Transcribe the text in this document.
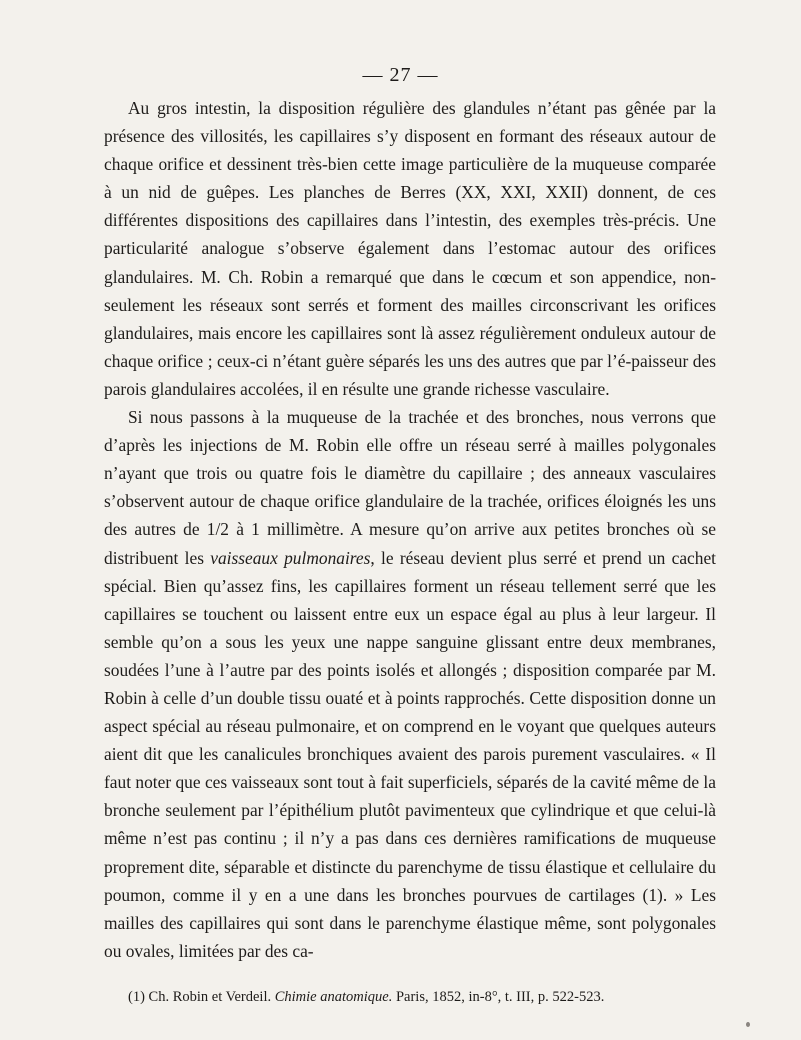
— 27 —

Au gros intestin, la disposition régulière des glandules n’étant pas gênée par la présence des villosités, les capillaires s’y disposent en formant des réseaux autour de chaque orifice et dessinent très-bien cette image particulière de la muqueuse comparée à un nid de guêpes. Les planches de Berres (XX, XXI, XXII) donnent, de ces différentes dispositions des capillaires dans l’intestin, des exemples très-précis. Une particularité analogue s’observe également dans l’estomac autour des orifices glandulaires. M. Ch. Robin a remarqué que dans le cœcum et son appendice, non-seulement les réseaux sont serrés et forment des mailles circonscrivant les orifices glandulaires, mais encore les capillaires sont là assez régulièrement onduleux autour de chaque orifice ; ceux-ci n’étant guère séparés les uns des autres que par l’é-paisseur des parois glandulaires accolées, il en résulte une grande richesse vasculaire.

Si nous passons à la muqueuse de la trachée et des bronches, nous verrons que d’après les injections de M. Robin elle offre un réseau serré à mailles polygonales n’ayant que trois ou quatre fois le diamètre du capillaire ; des anneaux vasculaires s’observent autour de chaque orifice glandulaire de la trachée, orifices éloignés les uns des autres de 1/2 à 1 millimètre. A mesure qu’on arrive aux petites bronches où se distribuent les vaisseaux pulmonaires, le réseau devient plus serré et prend un cachet spécial. Bien qu’assez fins, les capillaires forment un réseau tellement serré que les capillaires se touchent ou laissent entre eux un espace égal au plus à leur largeur. Il semble qu’on a sous les yeux une nappe sanguine glissant entre deux membranes, soudées l’une à l’autre par des points isolés et allongés ; disposition comparée par M. Robin à celle d’un double tissu ouaté et à points rapprochés. Cette disposition donne un aspect spécial au réseau pulmonaire, et on comprend en le voyant que quelques auteurs aient dit que les canalicules bronchiques avaient des parois purement vasculaires. « Il faut noter que ces vaisseaux sont tout à fait superficiels, séparés de la cavité même de la bronche seulement par l’épithélium plutôt pavimenteux que cylindrique et que celui-là même n’est pas continu ; il n’y a pas dans ces dernières ramifications de muqueuse proprement dite, séparable et distincte du parenchyme de tissu élastique et cellulaire du poumon, comme il y en a une dans les bronches pourvues de cartilages (1). » Les mailles des capillaires qui sont dans le parenchyme élastique même, sont polygonales ou ovales, limitées par des ca-

(1) Ch. Robin et Verdeil. Chimie anatomique. Paris, 1852, in-8°, t. III, p. 522-523.
